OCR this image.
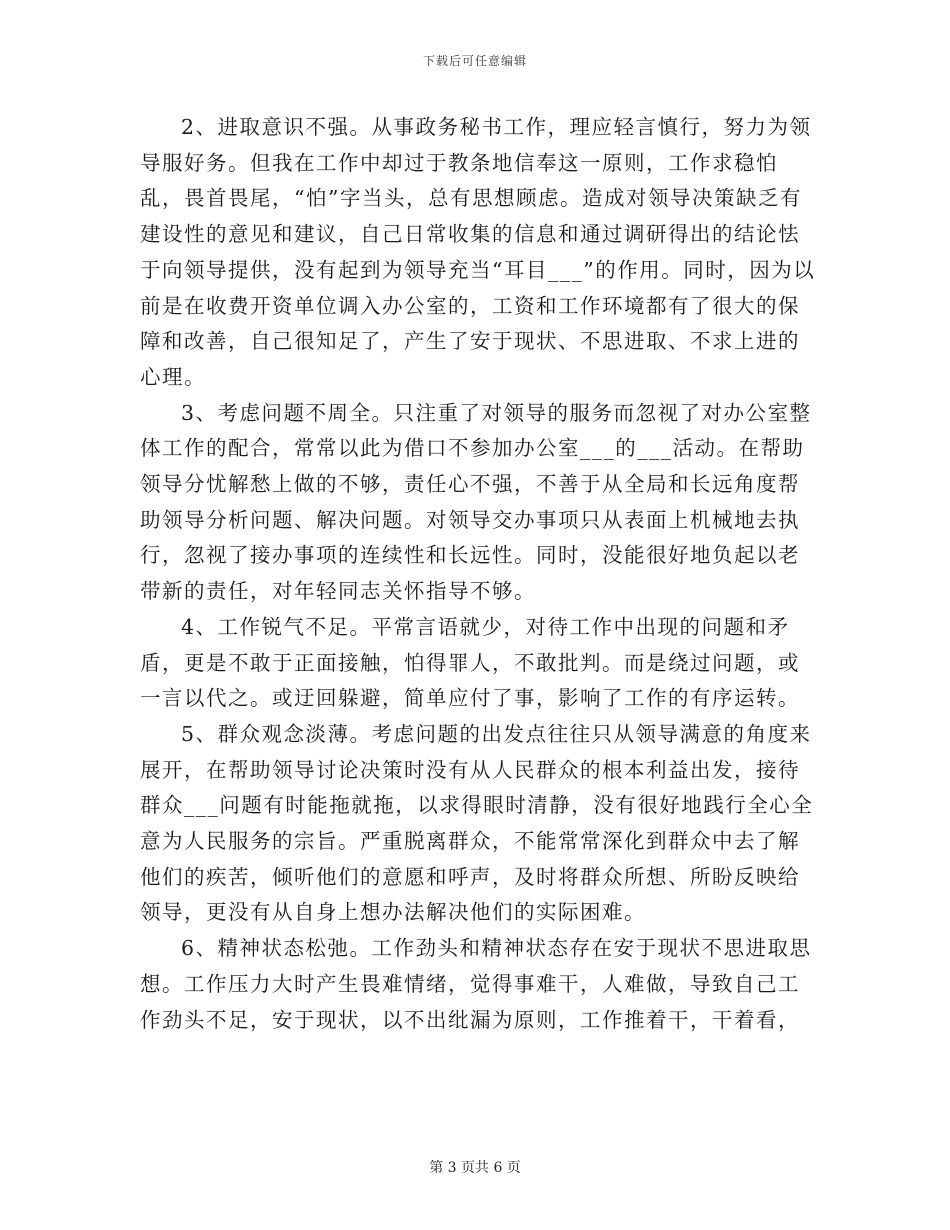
下载后可任意编辑

2、进取意识不强。从事政务秘书工作，理应轻言慎行，努力为领导服好务。但我在工作中却过于教条地信奉这一原则，工作求稳怕乱，畏首畏尾，“怕”字当头，总有思想顾虑。造成对领导决策缺乏有建设性的意见和建议，自己日常收集的信息和通过调研得出的结论怯于向领导提供，没有起到为领导充当“耳目___”的作用。同时，因为以前是在收费开资单位调入办公室的，工资和工作环境都有了很大的保障和改善，自己很知足了，产生了安于现状、不思进取、不求上进的心理。

3、考虑问题不周全。只注重了对领导的服务而忽视了对办公室整体工作的配合，常常以此为借口不参加办公室___的___活动。在帮助领导分忧解愁上做的不够，责任心不强，不善于从全局和长远角度帮助领导分析问题、解决问题。对领导交办事项只从表面上机械地去执行，忽视了接办事项的连续性和长远性。同时，没能很好地负起以老带新的责任，对年轻同志关怀指导不够。

4、工作锐气不足。平常言语就少，对待工作中出现的问题和矛盾，更是不敢于正面接触，怕得罪人，不敢批判。而是绕过问题，或一言以代之。或迂回躲避，简单应付了事，影响了工作的有序运转。

5、群众观念淡薄。考虑问题的出发点往往只从领导满意的角度来展开，在帮助领导讨论决策时没有从人民群众的根本利益出发，接待群众___问题有时能拖就拖，以求得眼时清静，没有很好地践行全心全意为人民服务的宗旨。严重脱离群众，不能常常深化到群众中去了解他们的疾苦，倾听他们的意愿和呼声，及时将群众所想、所盼反映给领导，更没有从自身上想办法解决他们的实际困难。

6、精神状态松弛。工作劲头和精神状态存在安于现状不思进取思想。工作压力大时产生畏难情绪，觉得事难干，人难做，导致自己工作劲头不足，安于现状，以不出纰漏为原则，工作推着干，干着看，

第 3 页共 6 页
